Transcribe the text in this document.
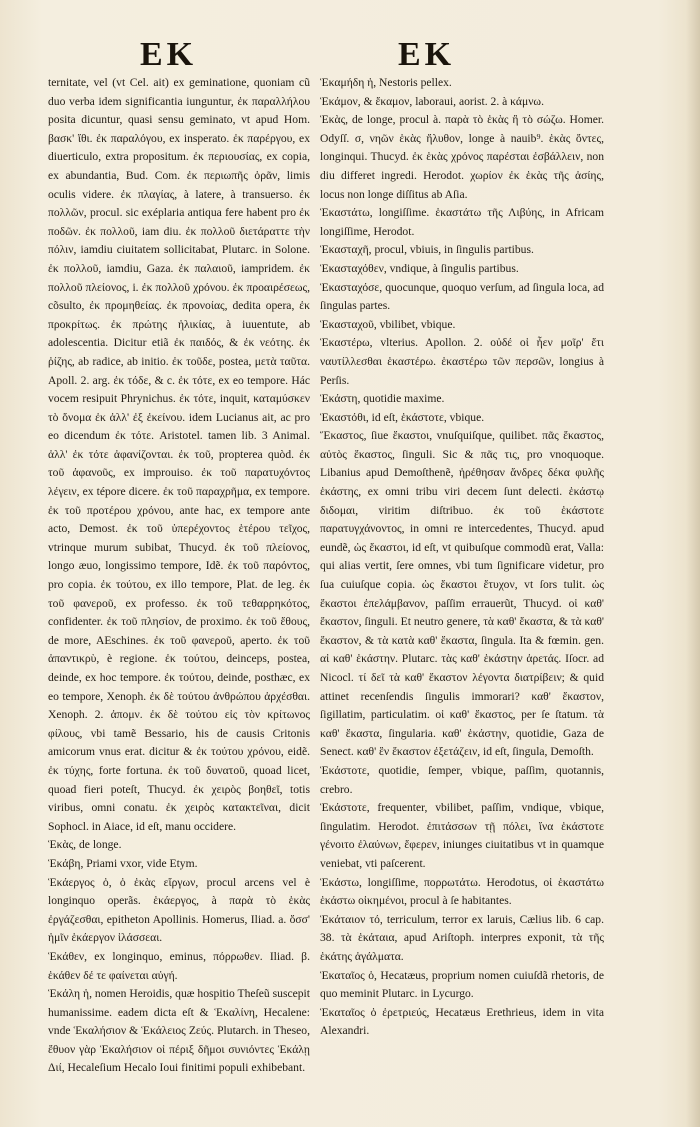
EK	EK

ternitate, vel (vt Cel. ait) ex geminatione, quoniam cũ duo verba idem significantia iunguntur, ἐκ παραλλήλου posita dicuntur, quasi sensu geminato, vt apud Hom. βασκ' ἴθι. ἐκ παραλόγου, ex insperato. ἐκ παρέργου, ex diuerticulo, extra propositum. ἐκ περιουσίας, ex copia, ex abundantia, Bud. Com. ἐκ περιωπῆς ὁρᾶν, limis oculis videre. ἐκ πλαγίας, à latere, à transuerso. ἐκ πολλῶν, procul. sic exéplaria antiqua fere habent pro ἐκ ποδῶν. ἐκ πολλοῦ, iam diu. ἐκ πολλοῦ διετάραττε τὴν πόλιν, iamdiu ciuitatem sollicitabat, Plutarc. in Solone. ἐκ πολλοῦ, iamdiu, Gaza. ἐκ παλαιοῦ, iampridem. ἐκ πολλοῦ πλείονος, i. ἐκ πολλοῦ χρόνου. ἐκ προαιρέσεως, cõsulto, ἐκ προμηθείας. ἐκ προνοίας, dedita opera, ἐκ προκρίτως. ἐκ πρώτης ἡλικίας, à iuuentute, ab adolescentia. Dicitur etiã ἐκ παιδός, & ἐκ νεότης. ἐκ ῥίζης, ab radice, ab initio. ἐκ τοῦδε, postea, μετὰ ταῦτα. Apoll. 2. arg. ἐκ τόδε, & c. ἐκ τότε, ex eo tempore. Hác vocem resipuit Phrynichus. ἐκ τότε, inquit, καταμύσκεν τὸ ὄνομα ἐκ ἀλλ' ἐξ ἐκείνου. idem Lucianus ait, ac pro eo dicendum ἐκ τότε. Aristotel. tamen lib. 3 Animal. ἀλλ' ἐκ τότε ἀφανίζονται. ἐκ τοῦ, propterea quòd. ἐκ τοῦ ἀφανοῦς, ex improuiso. ἐκ τοῦ παρατυχόντος λέγειν, ex tépore dicere. ἐκ τοῦ παραχρῆμα, ex tempore. ἐκ τοῦ προτέρου χρόνου, ante hac, ex tempore ante acto, Demost. ἐκ τοῦ ὑπερέχοντος ἑτέρου τεῖχος, vtrinque murum subibat, Thucyd. ἐκ τοῦ πλείονος, longo æuo, longissimo tempore, Idẽ. ἐκ τοῦ παρόντος, pro copia. ἐκ τούτου, ex illo tempore, Plat. de leg. ἐκ τοῦ φανεροῦ, ex professo. ἐκ τοῦ τεθαρρηκότος, confidenter. ἐκ τοῦ πλησίον, de proximo. ἐκ τοῦ ἔθους, de more, AEschines. ἐκ τοῦ φανεροῦ, aperto. ἐκ τοῦ ἀπαντικρὺ, è regione. ἐκ τούτου, deinceps, postea, deinde, ex hoc tempore. ἐκ τούτου, deinde, posthæc, ex eo tempore, Xenoph. ἐκ δὲ τούτου ἀνθρώπου ἀρχέσθαι. Xenoph. 2. ἀπομν. ἐκ δὲ τούτου εἰς τὸν κρίτωνος φίλους, vbi tamẽ Bessario, his de causis Critonis amicorum vnus erat. dicitur & ἐκ τούτου χρόνου, eidẽ. ἐκ τύχης, forte fortuna. ἐκ τοῦ δυνατοῦ, quoad licet, quoad fieri poteſt, Thucyd. ἐκ χειρὸς βοηθεῖ, totis viribus, omni conatu. ἐκ χειρὸς κατακτεῖναι, dicit Sophocl. in Aiace, id eſt, manu occidere.

Ἑκὰς, de longe.

Ἑκάβη, Priami vxor, vide Etym.

Ἑκάεργος ὁ, ὁ ἑκὰς εἴργων, procul arcens vel è longinquo operãs. ἑκάεργος, à παρὰ τὸ ἑκὰς ἐργάζεσθαι, epitheton Apollinis. Homerus, Iliad. a. ὅσσ' ἡμῖν ἑκάεργον ἱλάσσεαι.

Ἑκάθεν, ex longinquo, eminus, πόρρωθεν. Iliad. β. ἑκάθεν δέ τε φαίνεται αὐγή.

Ἑκάλη ἡ, nomen Heroidis, quæ hospitio Theſeũ suscepit humanissime. eadem dicta eſt & Ἑκαλίνη, Hecalene: vnde Ἑκαλήσιον & Ἑκάλειος Ζεύς. Plutarch. in Theseo, ἔθυον γὰρ Ἑκαλήσιον οἱ πέριξ δῆμοι συνιόντες Ἑκάλῃ Διί, Hecaleſium Hecalo Ioui finitimi populi exhibebant.

Ἑκαμήδη ἡ, Nestoris pellex.

Ἑκάμον, & ἔκαμον, laboraui, aorist. 2. à κάμνω.

Ἑκὰς, de longe, procul à. παρὰ τὸ ἑκὰς ἢ τὸ σώζω. Homer. Odyſſ. σ, νηῶν ἑκὰς ἤλυθον, longe à nauib⁹. ἑκὰς ὄντες, longinqui. Thucyd. ἐκ ἑκὰς χρόνος παρέσται ἐσβάλλειν, non diu differet ingredi. Herodot. χωρίον ἐκ ἑκὰς τῆς ἀσίης, locus non longe diſſitus ab Aſia.

Ἑκαστάτω, longiſſime. ἑκαστάτω τῆς Λιβύης, in Africam longiſſime, Herodot.

Ἑκασταχῆ, procul, vbiuis, in ſingulis partibus.

Ἑκασταχόθεν, vndique, à ſingulis partibus.

Ἑκασταχόσε, quocunque, quoquo verſum, ad ſingula loca, ad ſingulas partes.

Ἑκασταχοῦ, vbilibet, vbique.

Ἑκαστέρω, vlterius. Apollon. 2. οὐδέ οἱ ἦεν μοῖρ' ἔτι ναυτίλλεσθαι ἑκαστέρω. ἑκαστέρω τῶν περσῶν, longius à Perſis.

Ἑκάστη, quotidie maxime.

Ἑκαστόθι, id eſt, ἑκάστοτε, vbique.

Ἕκαστος, ſiue ἕκαστοι, vnuſquiſque, quilibet. πᾶς ἕκαστος, αὐτὸς ἕκαστος, ſinguli. Sic & πᾶς τις, pro vnoquoque. Libanius apud Demoſthenẽ, ἠρέθησαν ἄνδρες δέκα φυλῆς ἑκάστης, ex omni tribu viri decem ſunt delecti. ἑκάστῳ διδομαι, viritim diſtribuo. ἐκ τοῦ ἑκάστοτε παρατυγχάνοντος, in omni re intercedentes, Thucyd. apud eundẽ, ὡς ἕκαστοι, id eſt, vt quibuſque commodũ erat, Valla: qui alias vertit, ſere omnes, vbi tum ſignificare videtur, pro ſua cuiuſque copia. ὡς ἕκαστοι ἔτυχον, vt ſors tulit. ὡς ἕκαστοι ἐπελάμβανον, paſſim errauerũt, Thucyd. οἱ καθ' ἕκαστον, ſinguli. Et neutro genere, τὰ καθ' ἕκαστα, & τὰ καθ' ἕκαστον, & τὰ κατὰ καθ' ἕκαστα, ſingula. Ita & fœmin. gen. αἱ καθ' ἑκάστην. Plutarc. τὰς καθ' ἑκάστην ἀρετάς. Iſocr. ad Nicocl. τί δεῖ τὰ καθ' ἕκαστον λέγοντα διατρίβειν; & quid attinet recenſendis ſingulis immorari? καθ' ἕκαστον, ſigillatim, particulatim. οἱ καθ' ἕκαστος, per ſe ſtatum. τὰ καθ' ἕκαστα, ſingularia. καθ' ἑκάστην, quotidie, Gaza de Senect. καθ' ἓν ἕκαστον ἐξετάζειν, id eſt, ſingula, Demoſth.

Ἑκάστοτε, quotidie, ſemper, vbique, paſſim, quotannis, crebro.

Ἑκάστοτε, frequenter, vbilibet, paſſim, vndique, vbique, ſingulatim. Herodot. ἐπιτάσσων τῇ πόλει, ἵνα ἑκάστοτε γένοιτο ἐλαύνων, ἔφερεν, iniunges ciuitatibus vt in quamque veniebat, vti paſcerent.

Ἑκάστω, longiſſime, πορρωτάτω. Herodotus, οἱ ἑκαστάτω ἑκάστω οἰκημένοι, procul à ſe habitantes.

Ἑκάταιον τό, terriculum, terror ex laruis, Cælius lib. 6 cap. 38. τὰ ἑκάταια, apud Ariſtoph. interpres exponit, τὰ τῆς ἑκάτης ἀγάλματα.

Ἑκαταῖος ὁ, Hecatæus, proprium nomen cuiuſdã rhetoris, de quo meminit Plutarc. in Lycurgo.

Ἑκαταῖος ὁ ἐρετριεύς, Hecatæus Erethrieus, idem in vita Alexandri.
